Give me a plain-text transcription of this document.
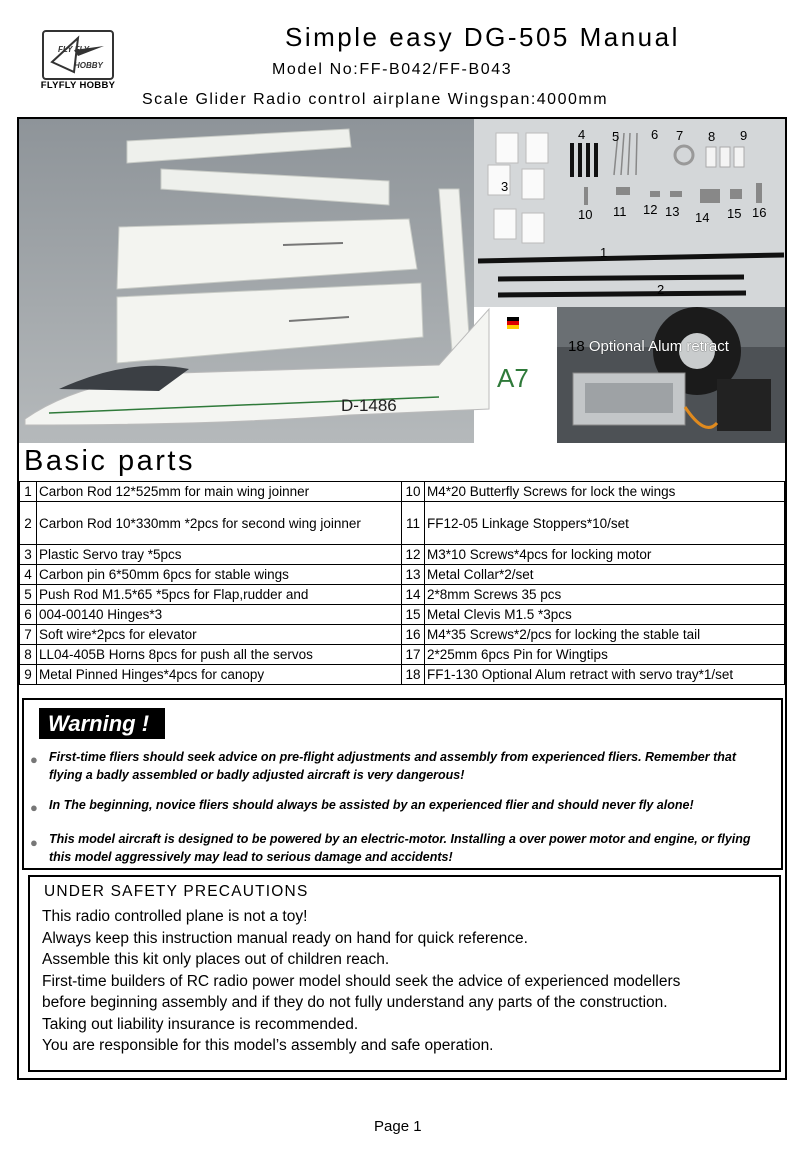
FLY FLY
HOBBY
FLYFLY HOBBY
Simple easy DG-505 Manual
Model No:FF-B042/FF-B043
Scale Glider Radio control airplane Wingspan:4000mm
D-1486
A7
3
4 5 6 7 8 9
10 11 12 13 14 15 16
1
2
18 Optional Alum retract
Basic parts
1	Carbon Rod 12*525mm for main wing joinner	10	M4*20 Butterfly Screws for lock the wings
2	Carbon Rod 10*330mm *2pcs for second wing joinner	11	FF12-05 Linkage Stoppers*10/set
3	Plastic Servo tray *5pcs	12	M3*10 Screws*4pcs for locking motor
4	Carbon pin 6*50mm 6pcs for stable wings	13	Metal Collar*2/set
5	Push Rod M1.5*65 *5pcs for Flap,rudder and	14	2*8mm Screws 35 pcs
6	004-00140 Hinges*3	15	Metal Clevis M1.5 *3pcs
7	Soft wire*2pcs for elevator	16	M4*35 Screws*2/pcs for locking the stable tail
8	LL04-405B Horns 8pcs for push all the servos	17	2*25mm 6pcs Pin for Wingtips
9	Metal Pinned Hinges*4pcs for canopy	18	FF1-130 Optional Alum retract with servo tray*1/set
Warning !
● First-time fliers should seek advice on pre-flight adjustments and assembly from experienced fliers. Remember that flying a badly assembled or badly adjusted aircraft is very dangerous!
● In The beginning, novice fliers should always be assisted by an experienced flier and should never fly alone!
● This model aircraft is designed to be powered by an electric-motor. Installing a over power motor and engine, or flying this model aggressively may lead to serious damage and accidents!
UNDER SAFETY PRECAUTIONS
This radio controlled plane is not a toy!
Always keep this instruction manual ready on hand for quick reference.
Assemble this kit only places out of children reach.
First-time builders of RC radio power model should seek the advice of experienced modellers
before beginning assembly and if they do not fully understand any parts of the construction.
Taking out liability insurance is recommended.
You are responsible for this model’s assembly and safe operation.
Page 1
